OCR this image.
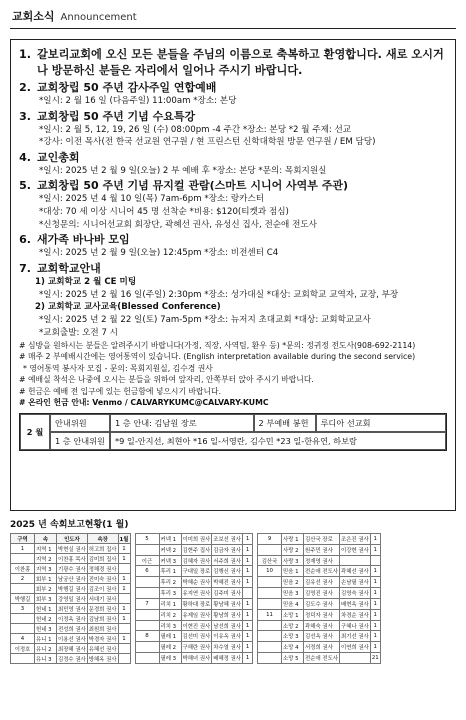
교회소식 Announcement
1. 갈보리교회에 오신 모든 분들을 주님의 이름으로 축복하고 환영합니다. 새로 오시거나 방문하신 분들은 자리에서 일어나 주시기 바랍니다.
2. 교회창립 50 주년 감사주일 연합예배
*일시: 2 월 16 일 (다음주일) 11:00am *장소: 본당
3. 교회창립 50 주년 기념 수요특강
*일시: 2 월 5, 12, 19, 26 일 (수) 08:00pm -4 주간 *장소: 본당 *2 월 주제: 선교
*강사: 이전 목사(전 한국 선교원 연구원 / 현 프린스턴 신학대학원 방문 연구원 / EM 담당)
4. 교인총회
*일시: 2025 년 2 월 9 일(오늘) 2 부 예배 후 *장소: 본당 *문의: 목회지원실
5. 교회창립 50 주년 기념 뮤지컬 관람(스마트 시니어 사역부 주관)
*일시: 2025 년 4 월 10 일(목) 7am-6pm *장소: 랑카스터
*대상: 70 세 이상 시니어 45 명 선착순 *비용: $120(티켓과 점심)
*신청문의: 시니어선교회 회장단, 곽혜선 권사, 유성신 집사, 전순애 전도사
6. 새가족 바나바 모임
*일시: 2025 년 2 월 9 일(오늘) 12:45pm *장소: 비전센터 C4
7. 교회학교안내
1) 교회학교 2 월 CE 미팅
*일시: 2025 년 2 월 16 일(주일) 2:30pm *장소: 성가대실 *대상: 교회학교 교역자, 교장, 부장
2) 교회학교 교사교육(Blessed Conference)
*일시: 2025 년 2 월 22 일(토) 7am-5pm *장소: 뉴저지 초대교회 *대상: 교회학교교사
*교회출발: 오전 7 시
# 심방을 원하시는 분들은 알려주시기 바랍니다(가정, 직장, 사역팀, 환우 등) *문의: 정귀정 전도사(908-692-2114)
# 매주 2 부예배시간에는 영어통역이 있습니다. (English interpretation available during the second service)
* 영어통역 봉사자 모집 - 문의: 목회지원실, 김수경 권사
# 예배실 착석은 나중에 오시는 분들을 위하여 앞자리, 안쪽부터 앉아 주시기 바랍니다.
# 헌금은 예배 전 입구에 있는 헌금함에 넣으시기 바랍니다.
# 온라인 헌금 안내: Venmo / CALVARYKUMC@CALVARY-KUMC
2 월
안내위원	1 층 안내: 김남원 장로	2 부예배 봉헌	루디아 선교회
1 층 안내위원	*9 일-안지선, 최현아 *16 일-서영란, 김수민 *23 일-한유연, 하보람
2025 년 속회보고현황(1 월)
구역	속	인도자	속장	1월
1	지역 1	박현실 권사	허고희 집사	1
	지역 2	이찬홍 목사	김미희 집사	1
이찬홍	지역 3	기광수 권사	정해경 권사	
2	회부 1	남궁산 권사	진미숙 권사	1
	회부 2	박행길 권사	김조이 권사	1
박행길	회부 3	강영일 권사	서대기 권사	
3	헌네 1	최민영 권사	문경희 권사	1
	헌네 2	이정옥 권사	김남희 권사	1
	헌네 3	전성희 권사	최원희 권사	
4	유니 1	이용선 권사	박경자 권사	1
이정호	유니 2	최장혜 권사	유혜선 권사	
	유니 3	김정수 권사	방혜옥 권사	
5	커넥 1	이미희 권사	조보선 권사	1
	커넥 2	김현주 집사	김금자 권사	1
이근	커넥 3	김혜자 권사	서주희 권사	1
6	후리 1	구대일 장로	김행신 권사	1
	후리 2	박혜순 권사	박혜진 권사	1
	후리 3	유지연 권사	김주미 권사	
7	리치 1	황하대 장로	황남혜 권사	1
	리치 2	유제임 권사	황남희 권사	1
	리치 3	이현진 권사	남선희 권사	1
8	필레 1	김선미 권사	이유옥 권사	1
	필레 2	구해란 권사	차수열 권사	1
	필레 3	박해녀 권사	배혜정 권사	1
9	사랑 1	김산국 장로	조은진 권사	1
	사랑 2	원주민 권사	이강현 권사	1
김산국	사랑 3	정재영 권사		
10	믿음 1	전순애 전도사	곽혜선 권사	1
	믿음 2	김유선 권사	손남필 권사	1
	믿음 3	김영진 권사	김영숙 권사	1
	믿음 4	김도수 권사	배현옥 권사	1
11	소망 1	정덕자 권사	차경순 권사	1
	소망 2	곽해숙 권사	구혜나 권사	1
	소망 3	김선옥 권사	최기선 권사	1
	소망 4	서정희 권사	이연희 권사	1
	소망 5	전순애 전도사		21
